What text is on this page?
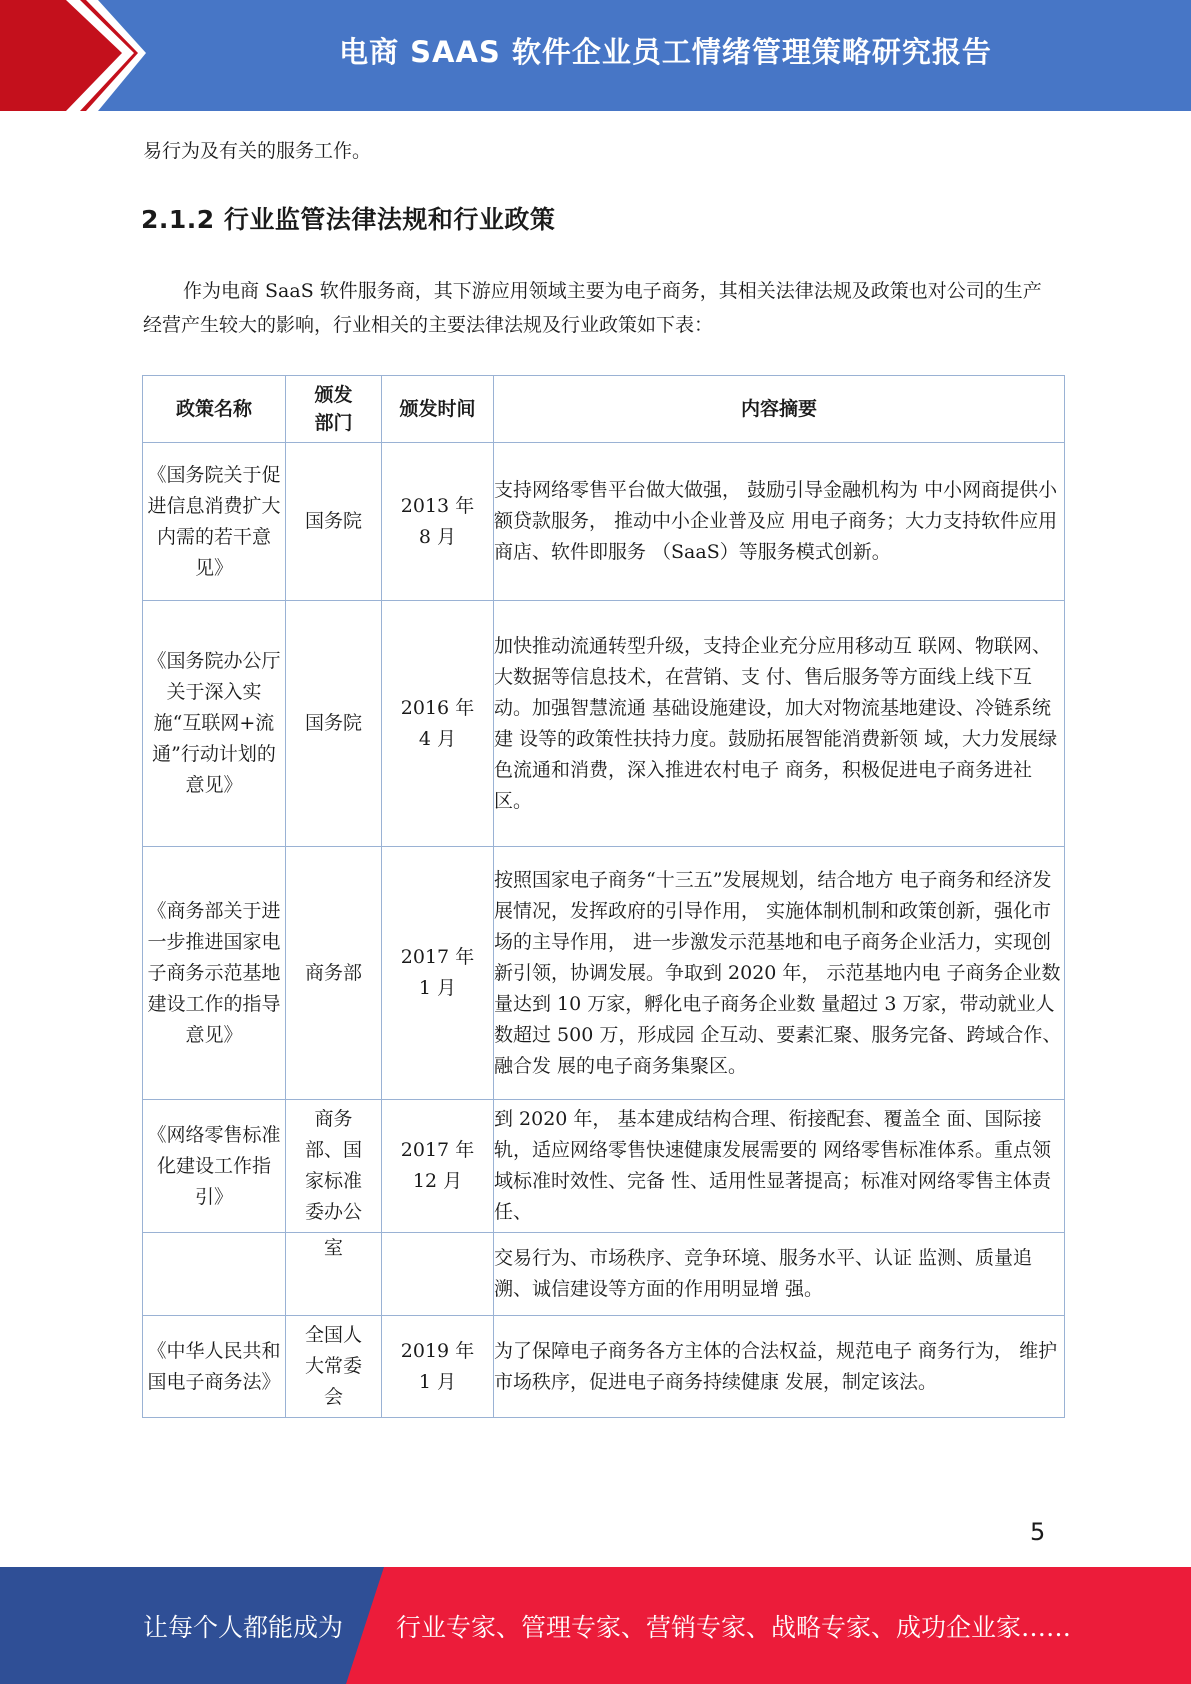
电商 SAAS 软件企业员工情绪管理策略研究报告
易行为及有关的服务工作。
2.1.2 行业监管法律法规和行业政策
作为电商 SaaS 软件服务商，其下游应用领域主要为电子商务，其相关法律法规及政策也对公司的生产经营产生较大的影响，行业相关的主要法律法规及行业政策如下表：
政策名称	颁发部门	颁发时间	内容摘要
《国务院关于促进信息消费扩大内需的若干意见》	国务院	2013 年 8 月	支持网络零售平台做大做强， 鼓励引导金融机构为 中小网商提供小额贷款服务， 推动中小企业普及应 用电子商务；大力支持软件应用商店、软件即服务 （SaaS）等服务模式创新。
《国务院办公厅关于深入实施“互联网+流通”行动计划的意见》	国务院	2016 年 4 月	加快推动流通转型升级，支持企业充分应用移动互 联网、物联网、大数据等信息技术，在营销、支 付、售后服务等方面线上线下互动。加强智慧流通 基础设施建设，加大对物流基地建设、冷链系统建 设等的政策性扶持力度。鼓励拓展智能消费新领 域，大力发展绿色流通和消费，深入推进农村电子 商务，积极促进电子商务进社区。
《商务部关于进一步推进国家电子商务示范基地建设工作的指导意见》	商务部	2017 年 1 月	按照国家电子商务“十三五”发展规划，结合地方 电子商务和经济发展情况，发挥政府的引导作用， 实施体制机制和政策创新，强化市场的主导作用， 进一步激发示范基地和电子商务企业活力，实现创 新引领，协调发展。争取到 2020 年， 示范基地内电 子商务企业数量达到 10 万家，孵化电子商务企业数 量超过 3 万家，带动就业人数超过 500 万，形成园 企互动、要素汇聚、服务完备、跨域合作、融合发 展的电子商务集聚区。
《网络零售标准化建设工作指引》	商务部、国家标准委办公	2017 年 12 月	到 2020 年， 基本建成结构合理、衔接配套、覆盖全 面、国际接轨，适应网络零售快速健康发展需要的 网络零售标准体系。重点领域标准时效性、完备 性、适用性显著提高；标准对网络零售主体责任、
	室		交易行为、市场秩序、竞争环境、服务水平、认证 监测、质量追溯、诚信建设等方面的作用明显增 强。
《中华人民共和国电子商务法》	全国人大常委会	2019 年 1 月	为了保障电子商务各方主体的合法权益，规范电子 商务行为， 维护市场秩序，促进电子商务持续健康 发展，制定该法。
5
让每个人都能成为 行业专家、管理专家、营销专家、战略专家、成功企业家……
